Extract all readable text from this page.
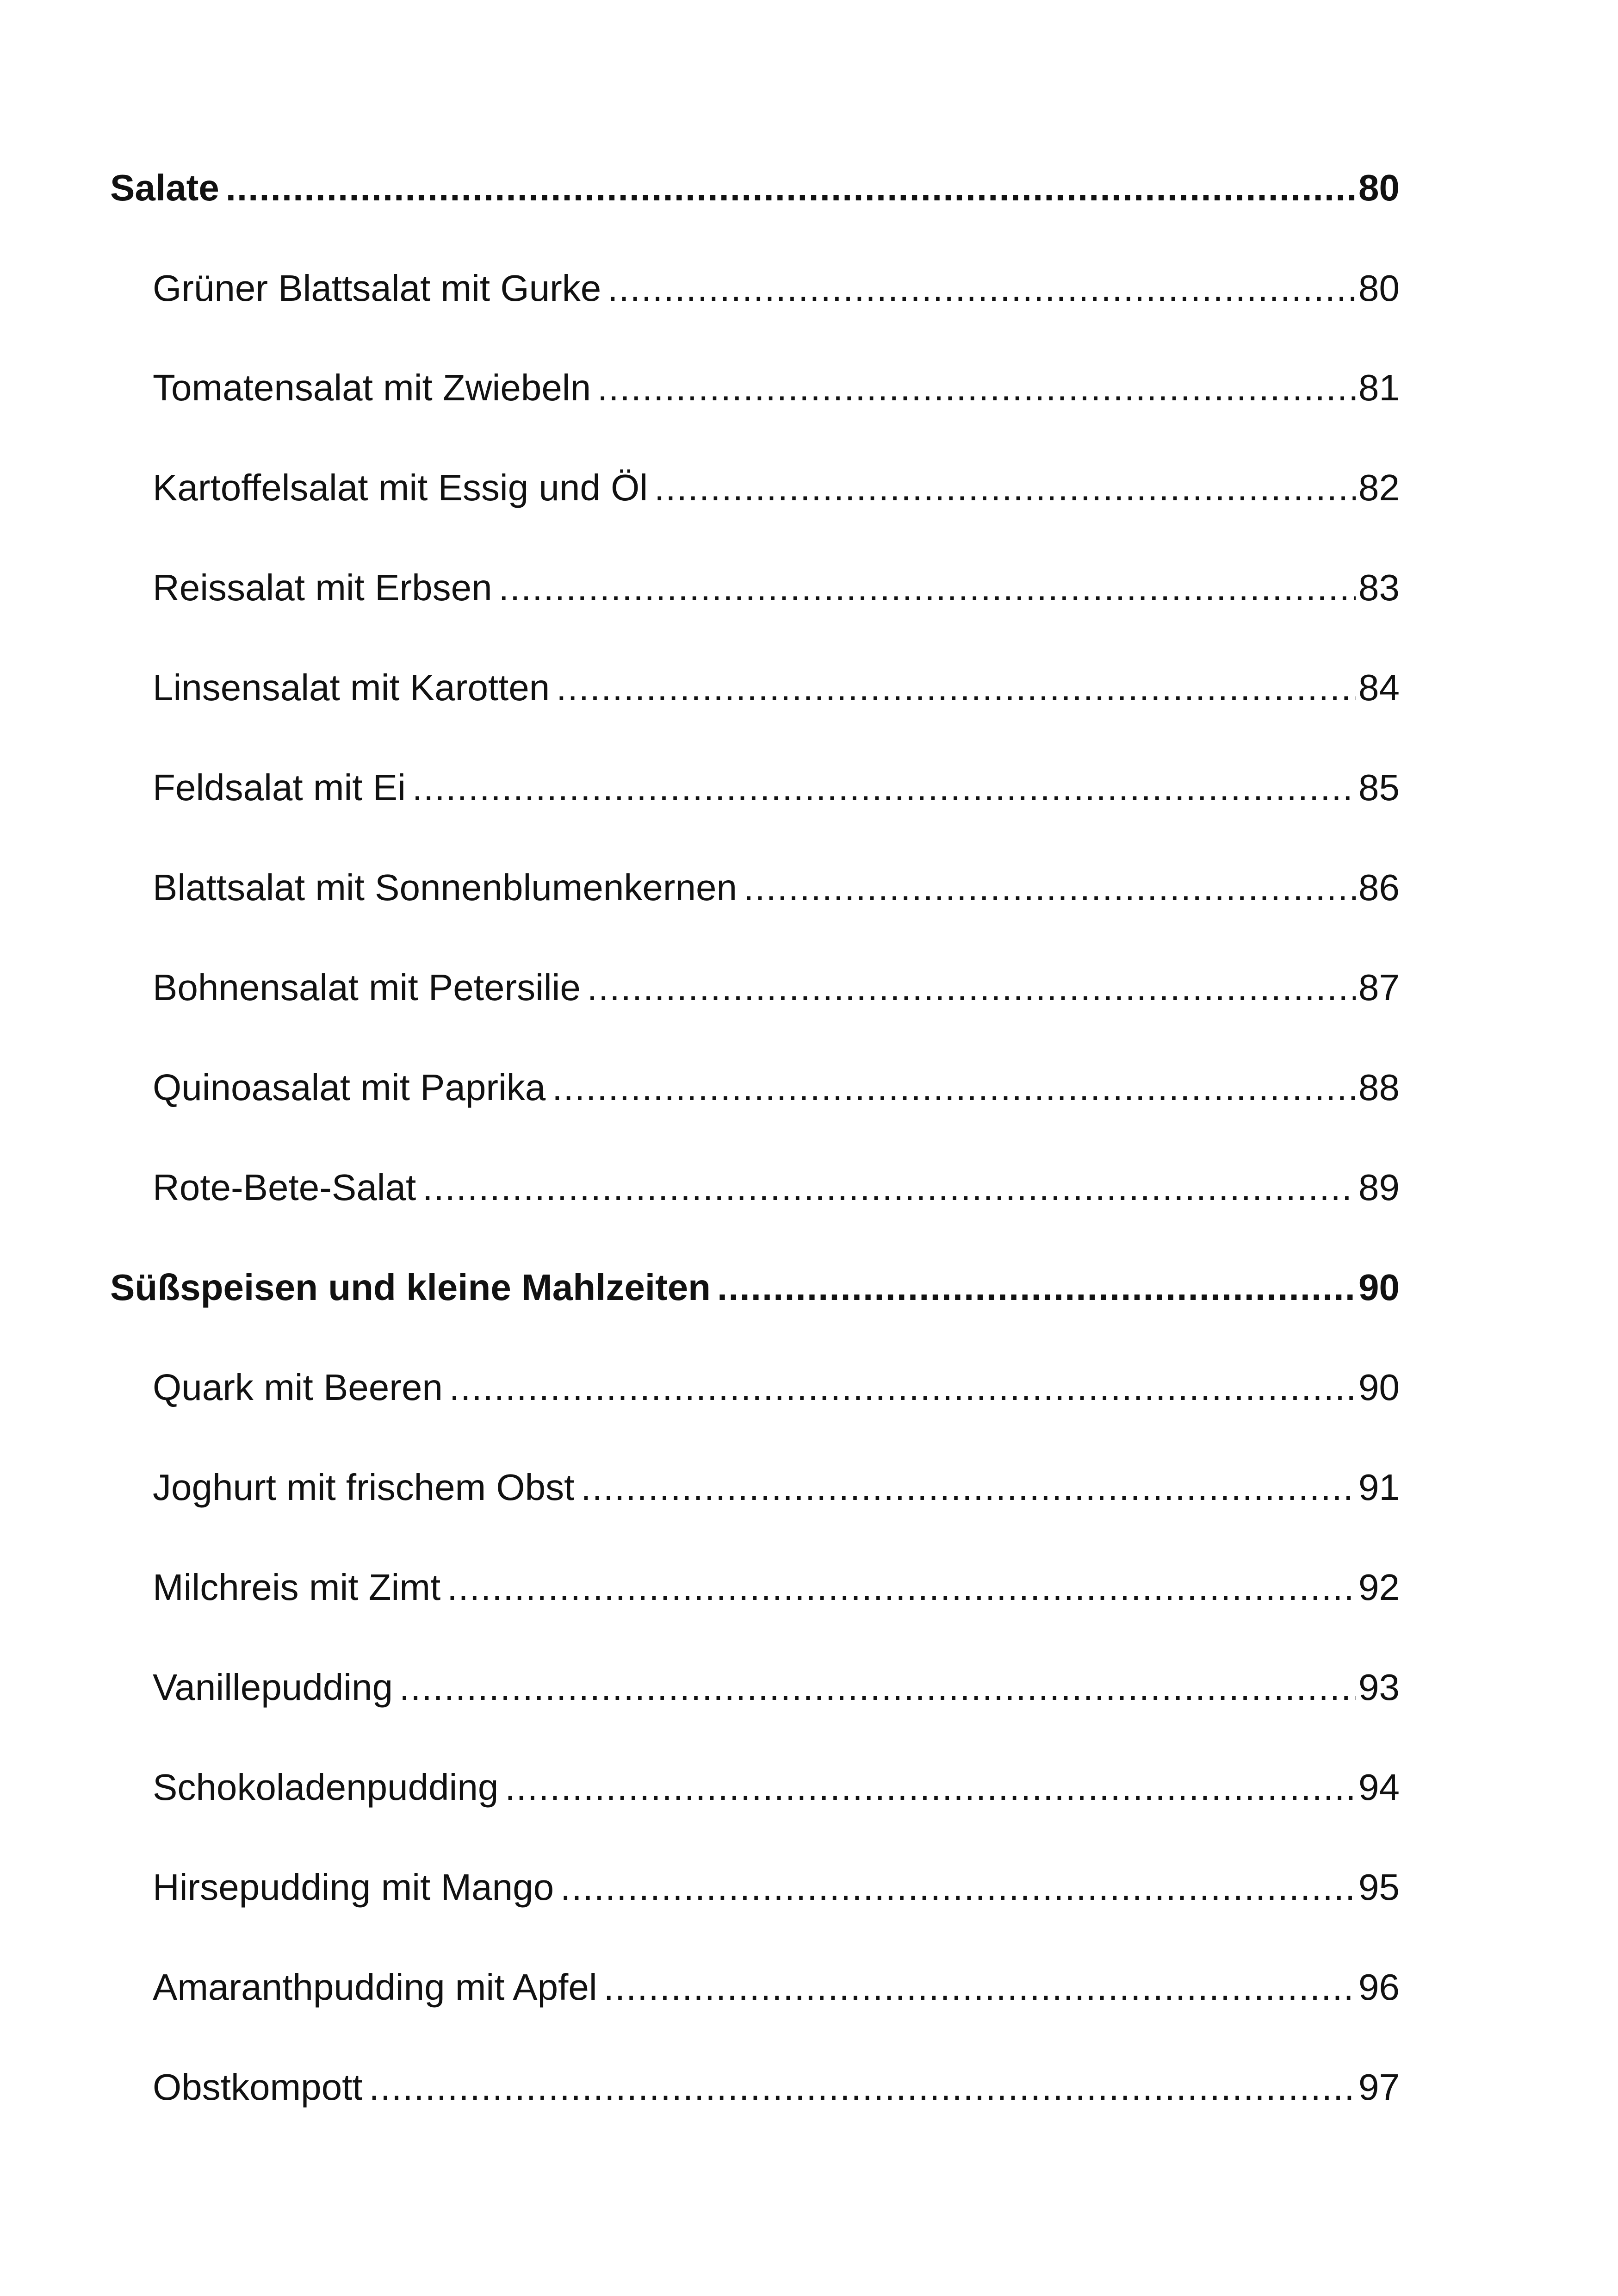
Salate .....	80
Grüner Blattsalat mit Gurke .....	80
Tomatensalat mit Zwiebeln .....	81
Kartoffelsalat mit Essig und Öl .....	82
Reissalat mit Erbsen .....	83
Linsensalat mit Karotten .....	84
Feldsalat mit Ei .....	85
Blattsalat mit Sonnenblumenkernen .....	86
Bohnensalat mit Petersilie .....	87
Quinoasalat mit Paprika .....	88
Rote-Bete-Salat .....	89
Süßspeisen und kleine Mahlzeiten .....	90
Quark mit Beeren .....	90
Joghurt mit frischem Obst .....	91
Milchreis mit Zimt .....	92
Vanillepudding .....	93
Schokoladenpudding .....	94
Hirsepudding mit Mango .....	95
Amaranthpudding mit Apfel .....	96
Obstkompott .....	97
